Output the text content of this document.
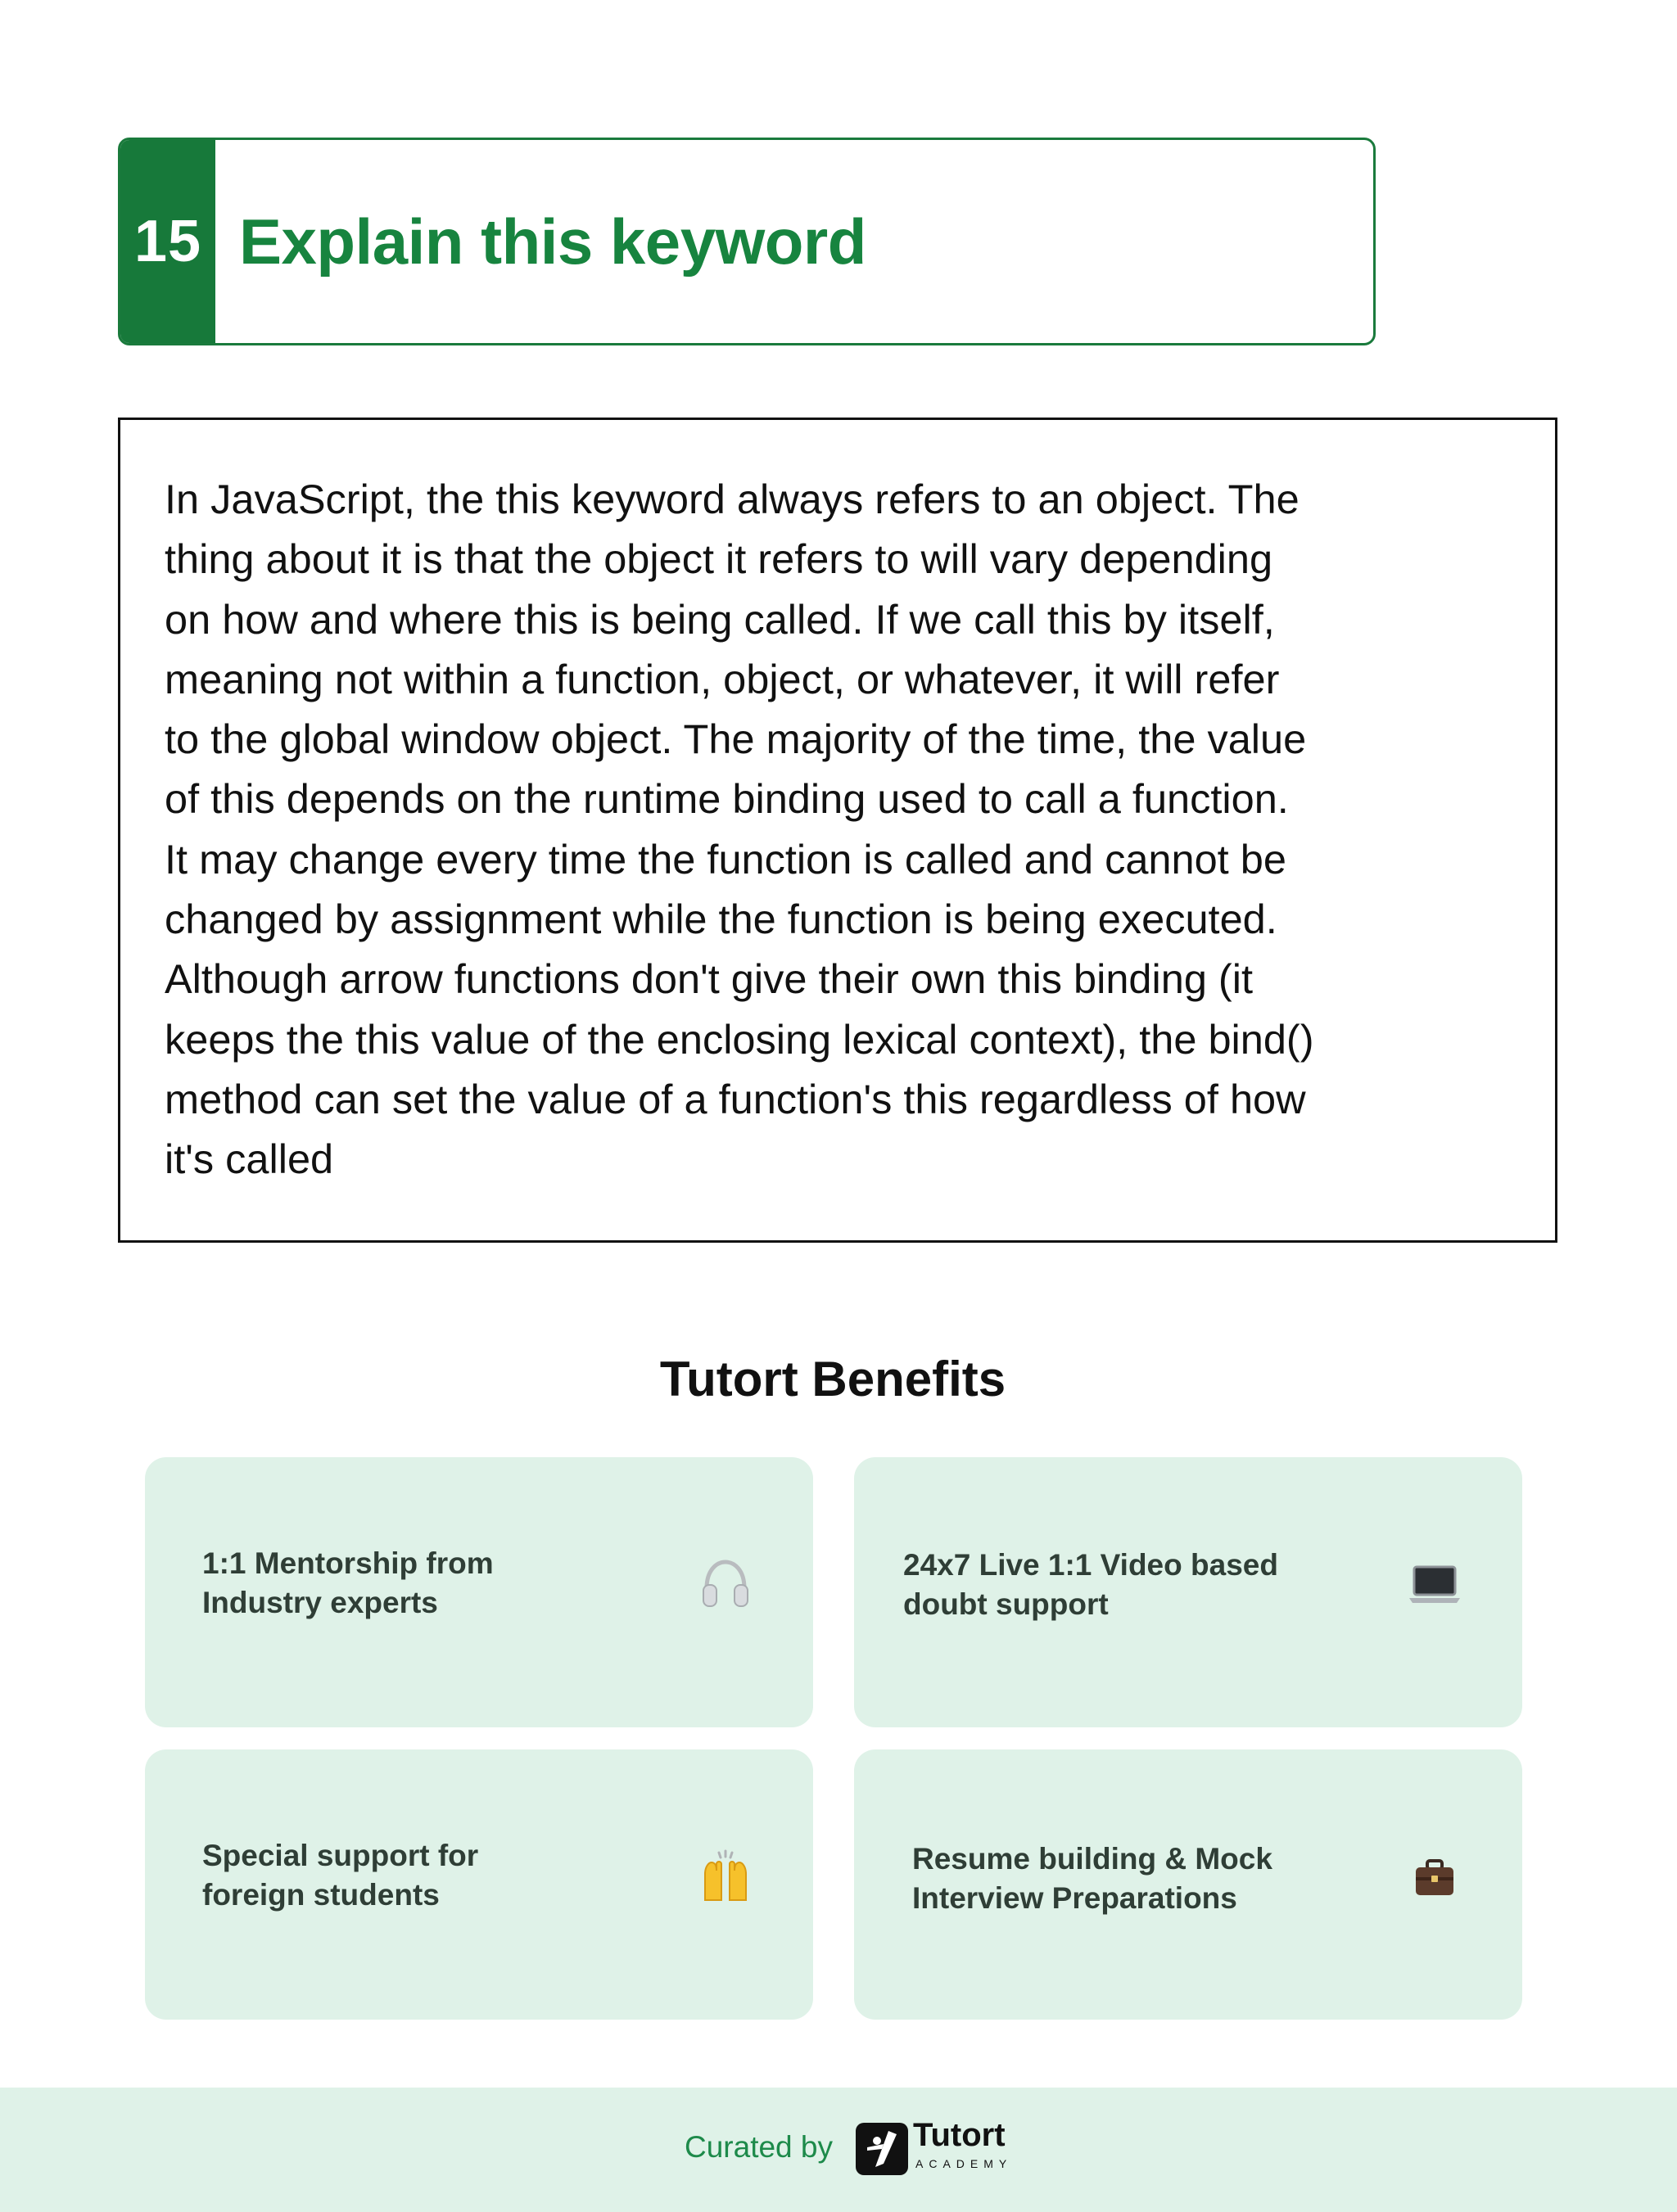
15 Explain this keyword

In JavaScript, the this keyword always refers to an object. The
thing about it is that the object it refers to will vary depending
on how and where this is being called. If we call this by itself,
meaning not within a function, object, or whatever, it will refer
to the global window object. The majority of the time, the value
of this depends on the runtime binding used to call a function.
It may change every time the function is called and cannot be
changed by assignment while the function is being executed.
Although arrow functions don't give their own this binding (it
keeps the this value of the enclosing lexical context), the bind()
method can set the value of a function's this regardless of how
it's called

Tutort Benefits

1:1 Mentorship from
Industry experts

24x7 Live 1:1 Video based
doubt support

Special support for
foreign students

Resume building & Mock
Interview Preparations

Curated by Tutort
ACADEMY
